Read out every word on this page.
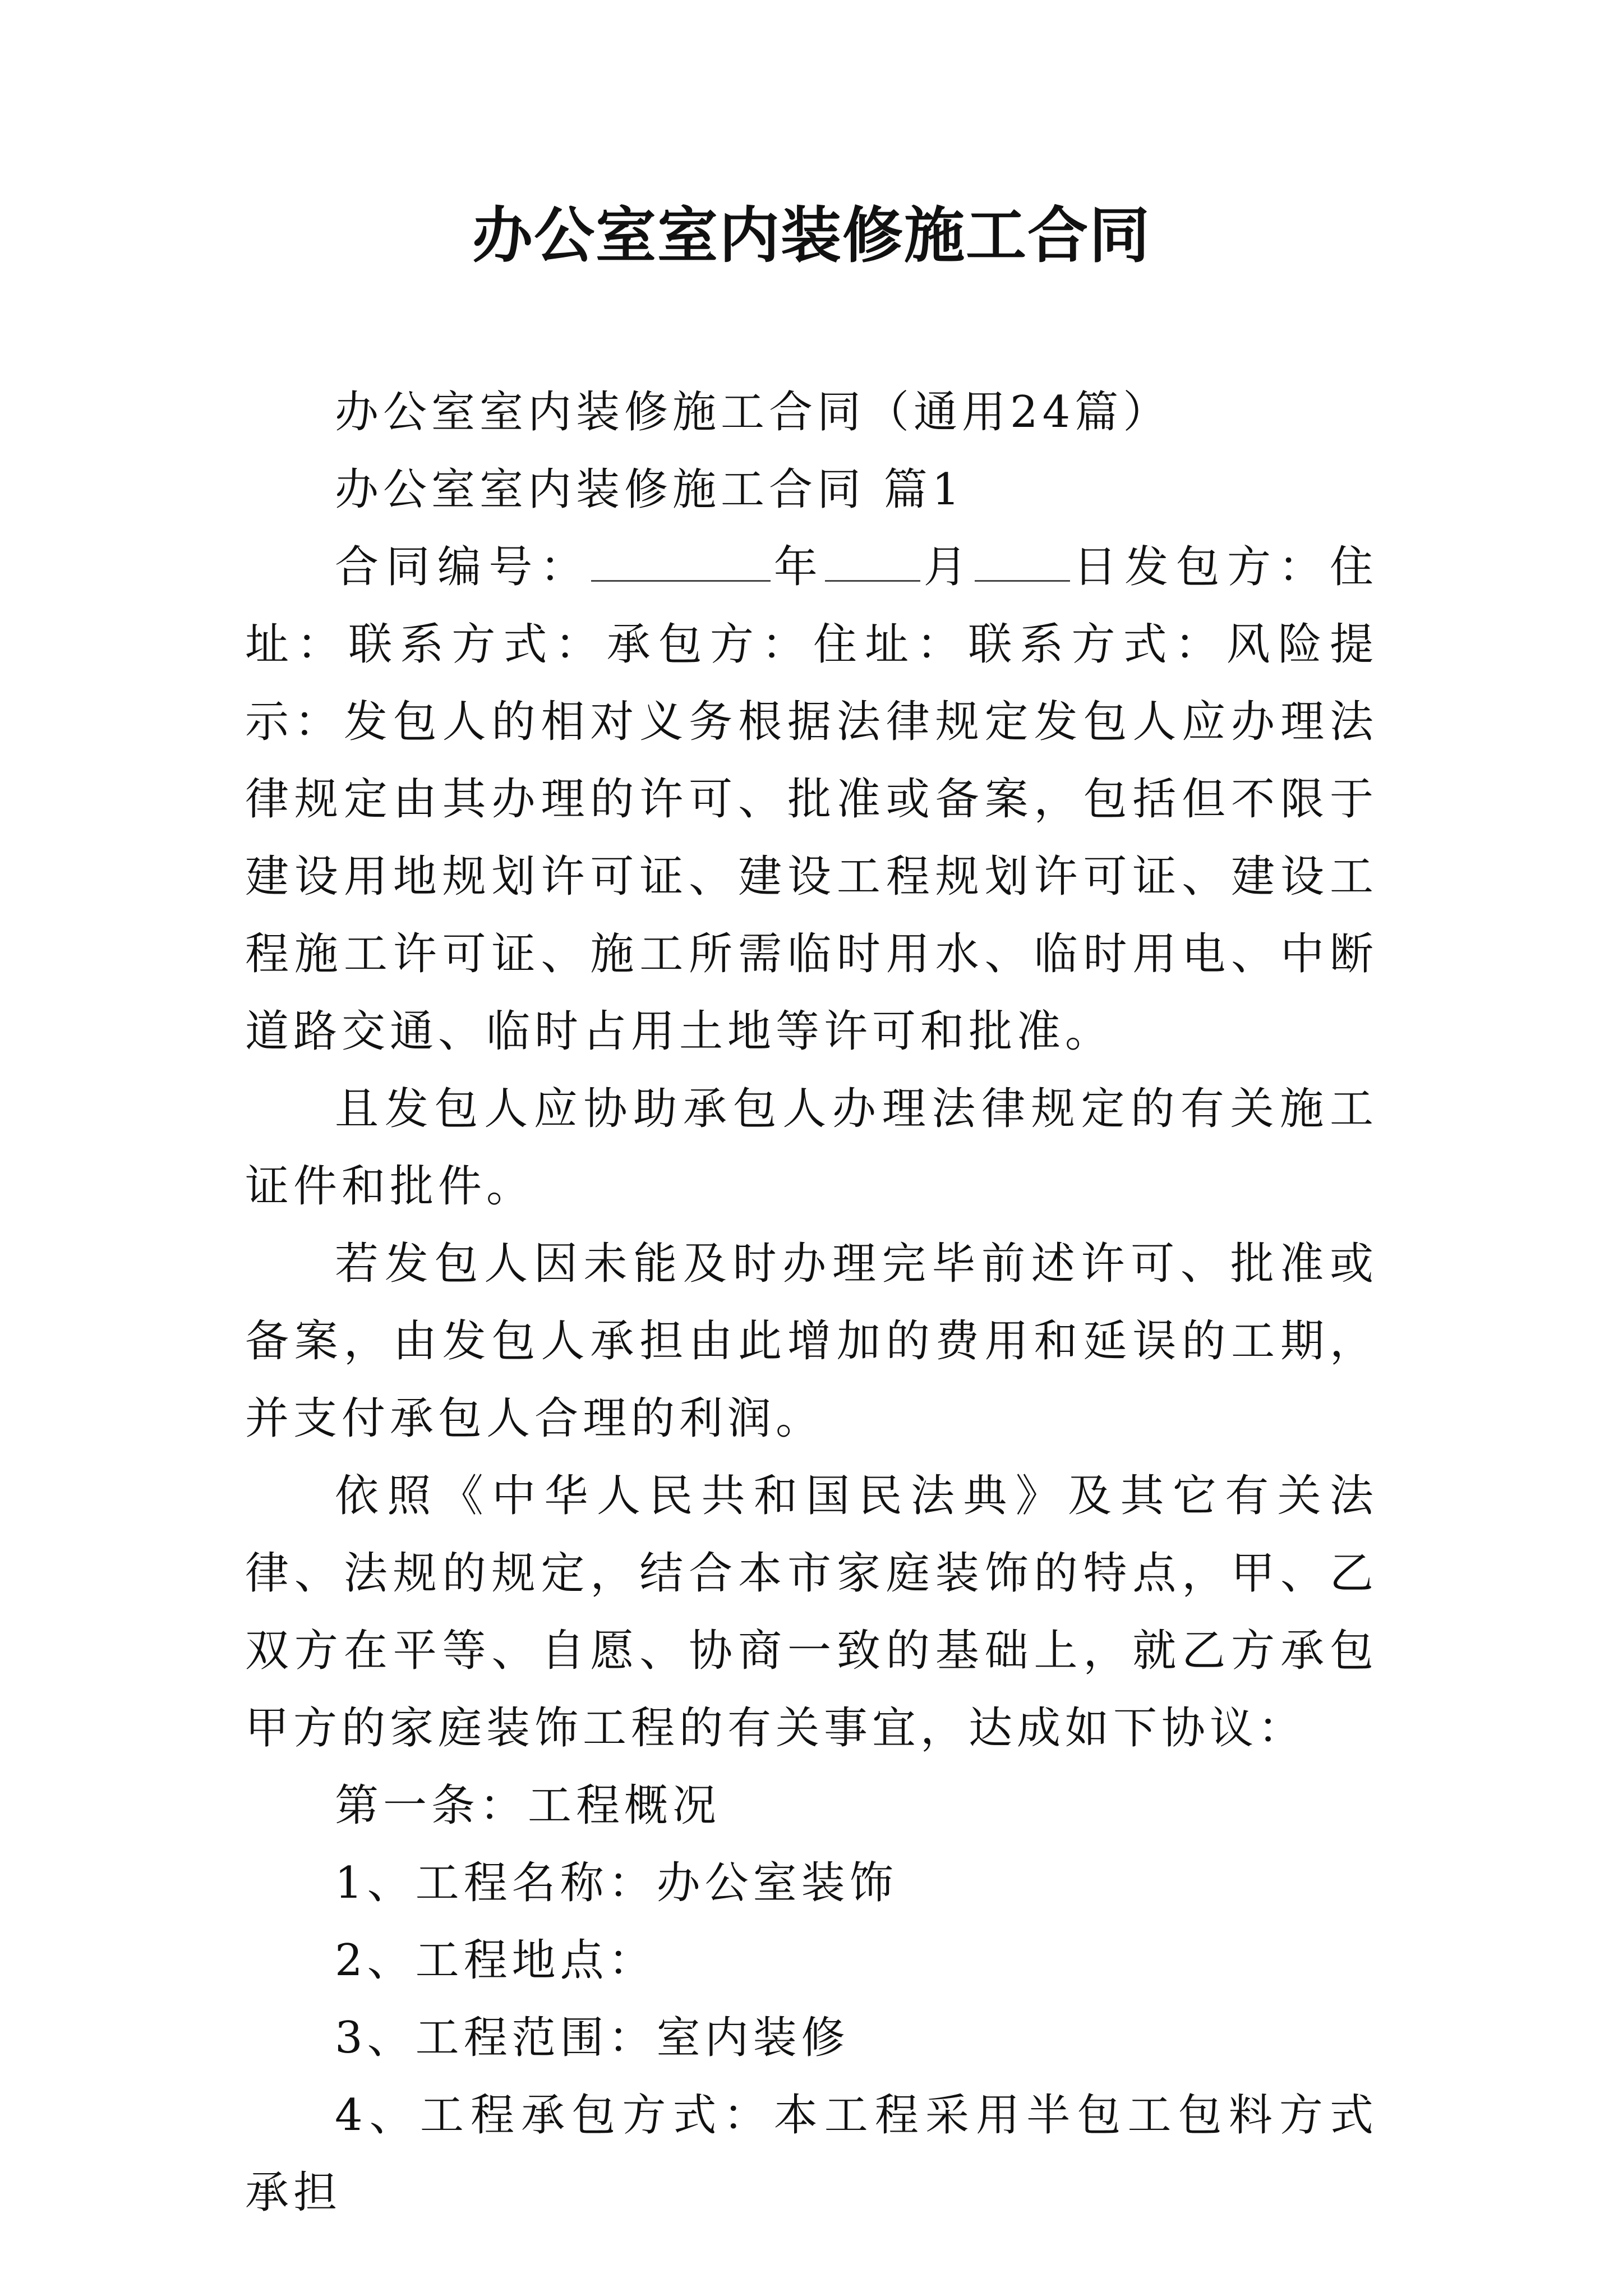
办公室室内装修施工合同

办公室室内装修施工合同（通用24篇）

办公室室内装修施工合同 篇1

合同编号：	年 月 日发包方：住址：联系方式：承包方：住址：联系方式：风险提示：发包人的相对义务根据法律规定发包人应办理法律规定由其办理的许可、批准或备案，包括但不限于建设用地规划许可证、建设工程规划许可证、建设工程施工许可证、施工所需临时用水、临时用电、中断道路交通、临时占用土地等许可和批准。

且发包人应协助承包人办理法律规定的有关施工证件和批件。

若发包人因未能及时办理完毕前述许可、批准或备案，由发包人承担由此增加的费用和延误的工期，并支付承包人合理的利润。

依照《中华人民共和国民法典》及其它有关法律、法规的规定，结合本市家庭装饰的特点，甲、乙双方在平等、自愿、协商一致的基础上，就乙方承包甲方的家庭装饰工程的有关事宜，达成如下协议：

第一条：工程概况

1、工程名称：办公室装饰

2、工程地点：

3、工程范围：室内装修

4、工程承包方式：本工程采用半包工包料方式承担
